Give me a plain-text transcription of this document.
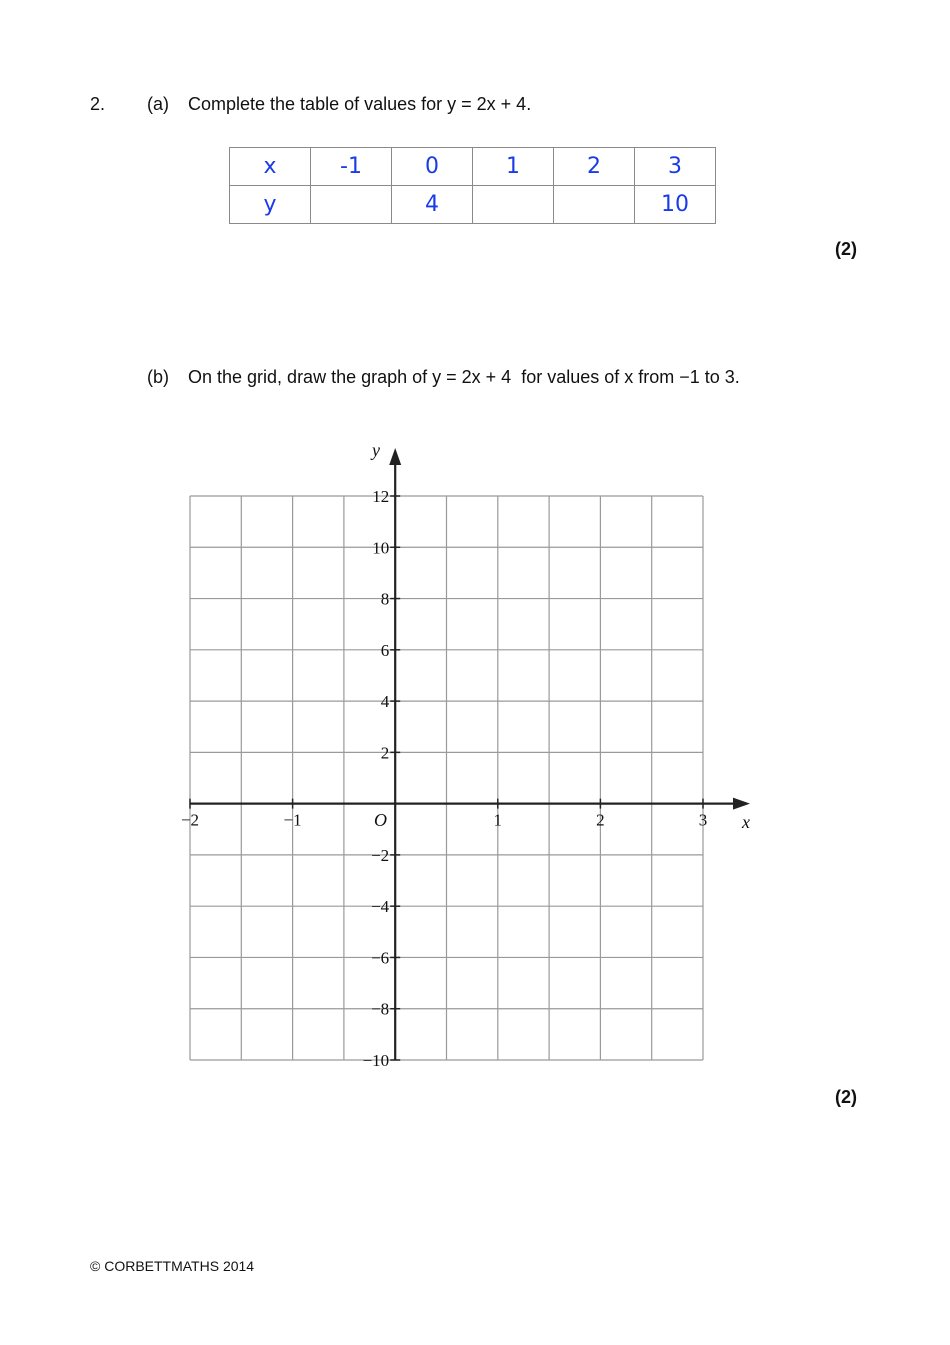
2. (a) Complete the table of values for y = 2x + 4.
x	-1	0	1	2	3
y		4			10
(2)
(b) On the grid, draw the graph of y = 2x + 4  for values of x from −1 to 3.
−2	−1	1	2	3
12
10
8
6
4
2
−2
−4
−6
−8
−10
x
y
O
(2)
© CORBETTMATHS 2014
